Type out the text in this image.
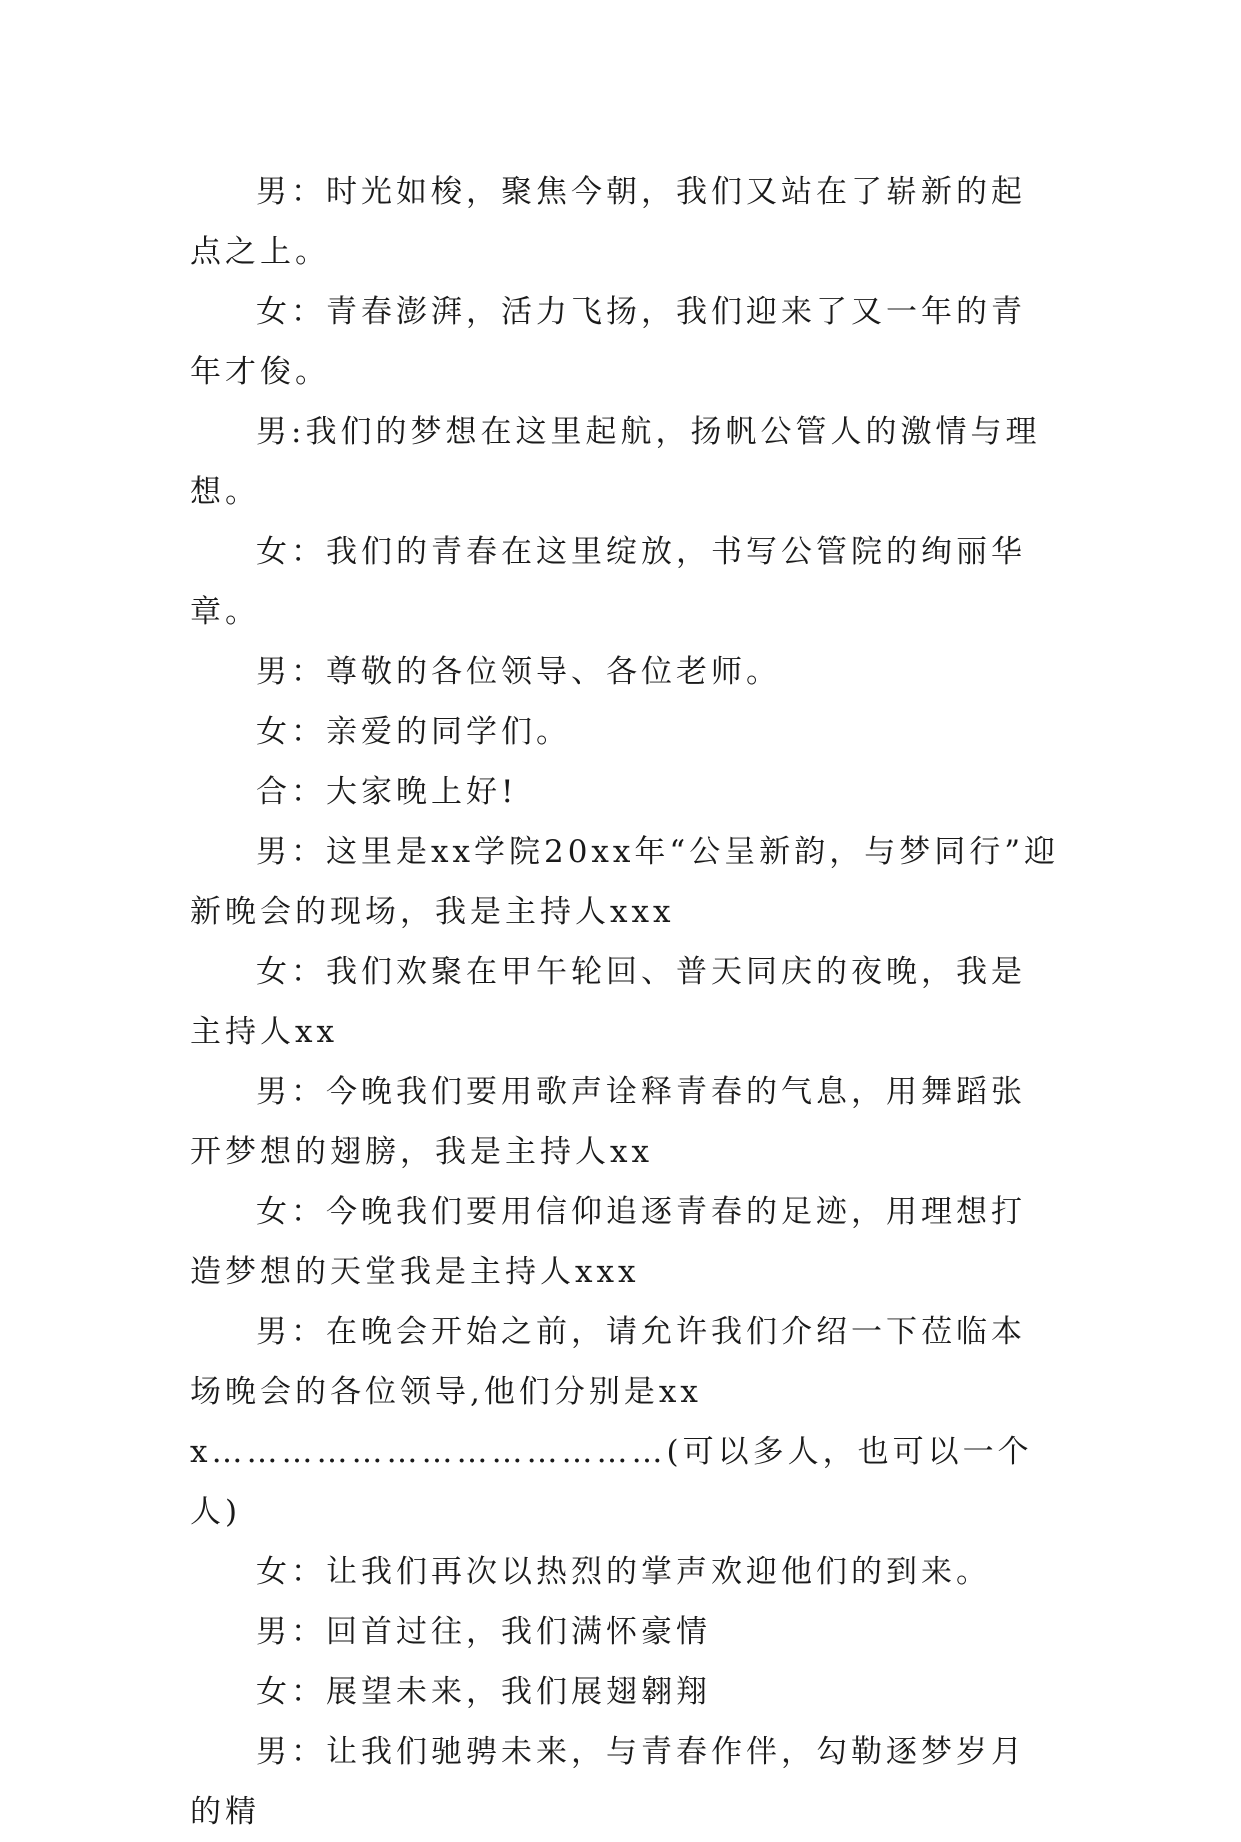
男：时光如梭，聚焦今朝，我们又站在了崭新的起点之上。

女：青春澎湃，活力飞扬，我们迎来了又一年的青年才俊。

男:我们的梦想在这里起航，扬帆公管人的激情与理想。

女：我们的青春在这里绽放，书写公管院的绚丽华章。

男：尊敬的各位领导、各位老师。

女：亲爱的同学们。

合：大家晚上好!

男：这里是xx学院20xx年“公呈新韵，与梦同行”迎新晚会的现场，我是主持人xxx

女：我们欢聚在甲午轮回、普天同庆的夜晚，我是主持人xx

男：今晚我们要用歌声诠释青春的气息，用舞蹈张开梦想的翅膀，我是主持人xx

女：今晚我们要用信仰追逐青春的足迹，用理想打造梦想的天堂我是主持人xxx

男：在晚会开始之前，请允许我们介绍一下莅临本场晚会的各位领导,他们分别是xxx…………………………………(可以多人，也可以一个人)

女：让我们再次以热烈的掌声欢迎他们的到来。

男：回首过往，我们满怀豪情

女：展望未来，我们展翅翱翔

男：让我们驰骋未来，与青春作伴，勾勒逐梦岁月的精
